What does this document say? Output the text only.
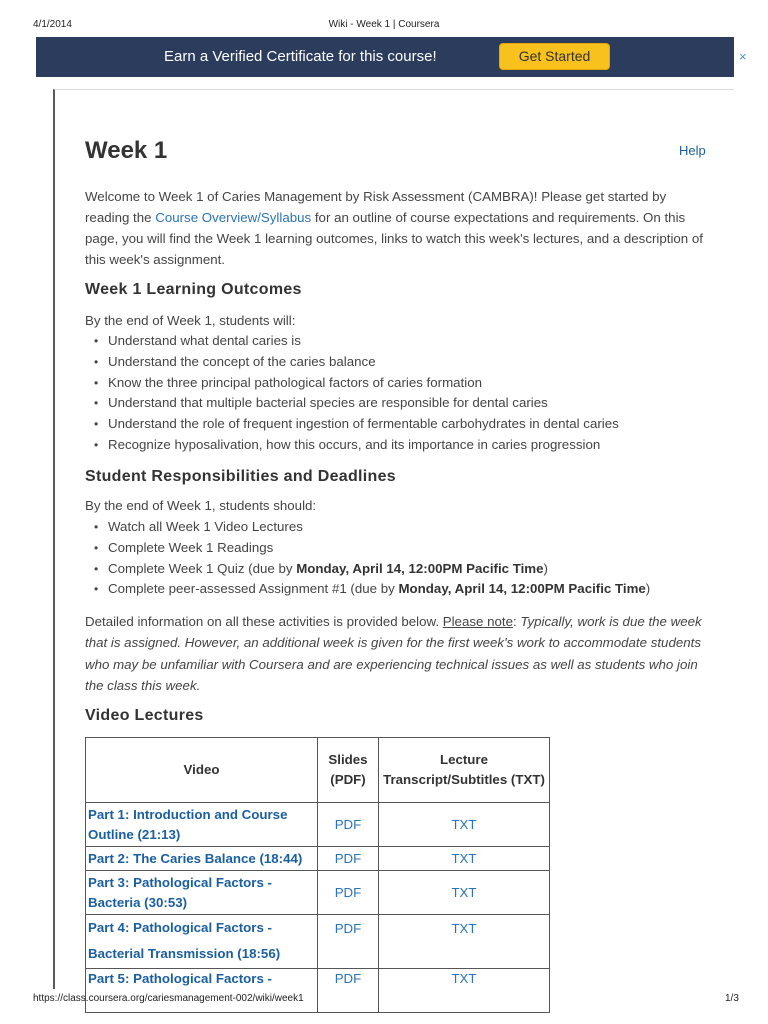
4/1/2014	Wiki - Week 1 | Coursera
Earn a Verified Certificate for this course!	Get Started	×
Week 1	Help

Welcome to Week 1 of Caries Management by Risk Assessment (CAMBRA)! Please get started by reading the Course Overview/Syllabus for an outline of course expectations and requirements. On this page, you will find the Week 1 learning outcomes, links to watch this week's lectures, and a description of this week's assignment.

Week 1 Learning Outcomes

By the end of Week 1, students will:

• Understand what dental caries is
• Understand the concept of the caries balance
• Know the three principal pathological factors of caries formation
• Understand that multiple bacterial species are responsible for dental caries
• Understand the role of frequent ingestion of fermentable carbohydrates in dental caries
• Recognize hyposalivation, how this occurs, and its importance in caries progression
Student Responsibilities and Deadlines

By the end of Week 1, students should:

• Watch all Week 1 Video Lectures
• Complete Week 1 Readings
• Complete Week 1 Quiz (due by Monday, April 14, 12:00PM Pacific Time)
• Complete peer-assessed Assignment #1 (due by Monday, April 14, 12:00PM Pacific Time)

Detailed information on all these activities is provided below. Please note: Typically, work is due the week that is assigned. However, an additional week is given for the first week's work to accommodate students who may be unfamiliar with Coursera and are experiencing technical issues as well as students who join the class this week.

Video Lectures
Video	Slides (PDF)	Lecture Transcript/Subtitles (TXT)
Part 1: Introduction and Course Outline (21:13)	PDF	TXT
Part 2: The Caries Balance (18:44)	PDF	TXT
Part 3: Pathological Factors - Bacteria (30:53)	PDF	TXT
Part 4: Pathological Factors - Bacterial Transmission (18:56)	PDF	TXT
Part 5: Pathological Factors -	PDF	TXT
https://class.coursera.org/cariesmanagement-002/wiki/week1	1/3
